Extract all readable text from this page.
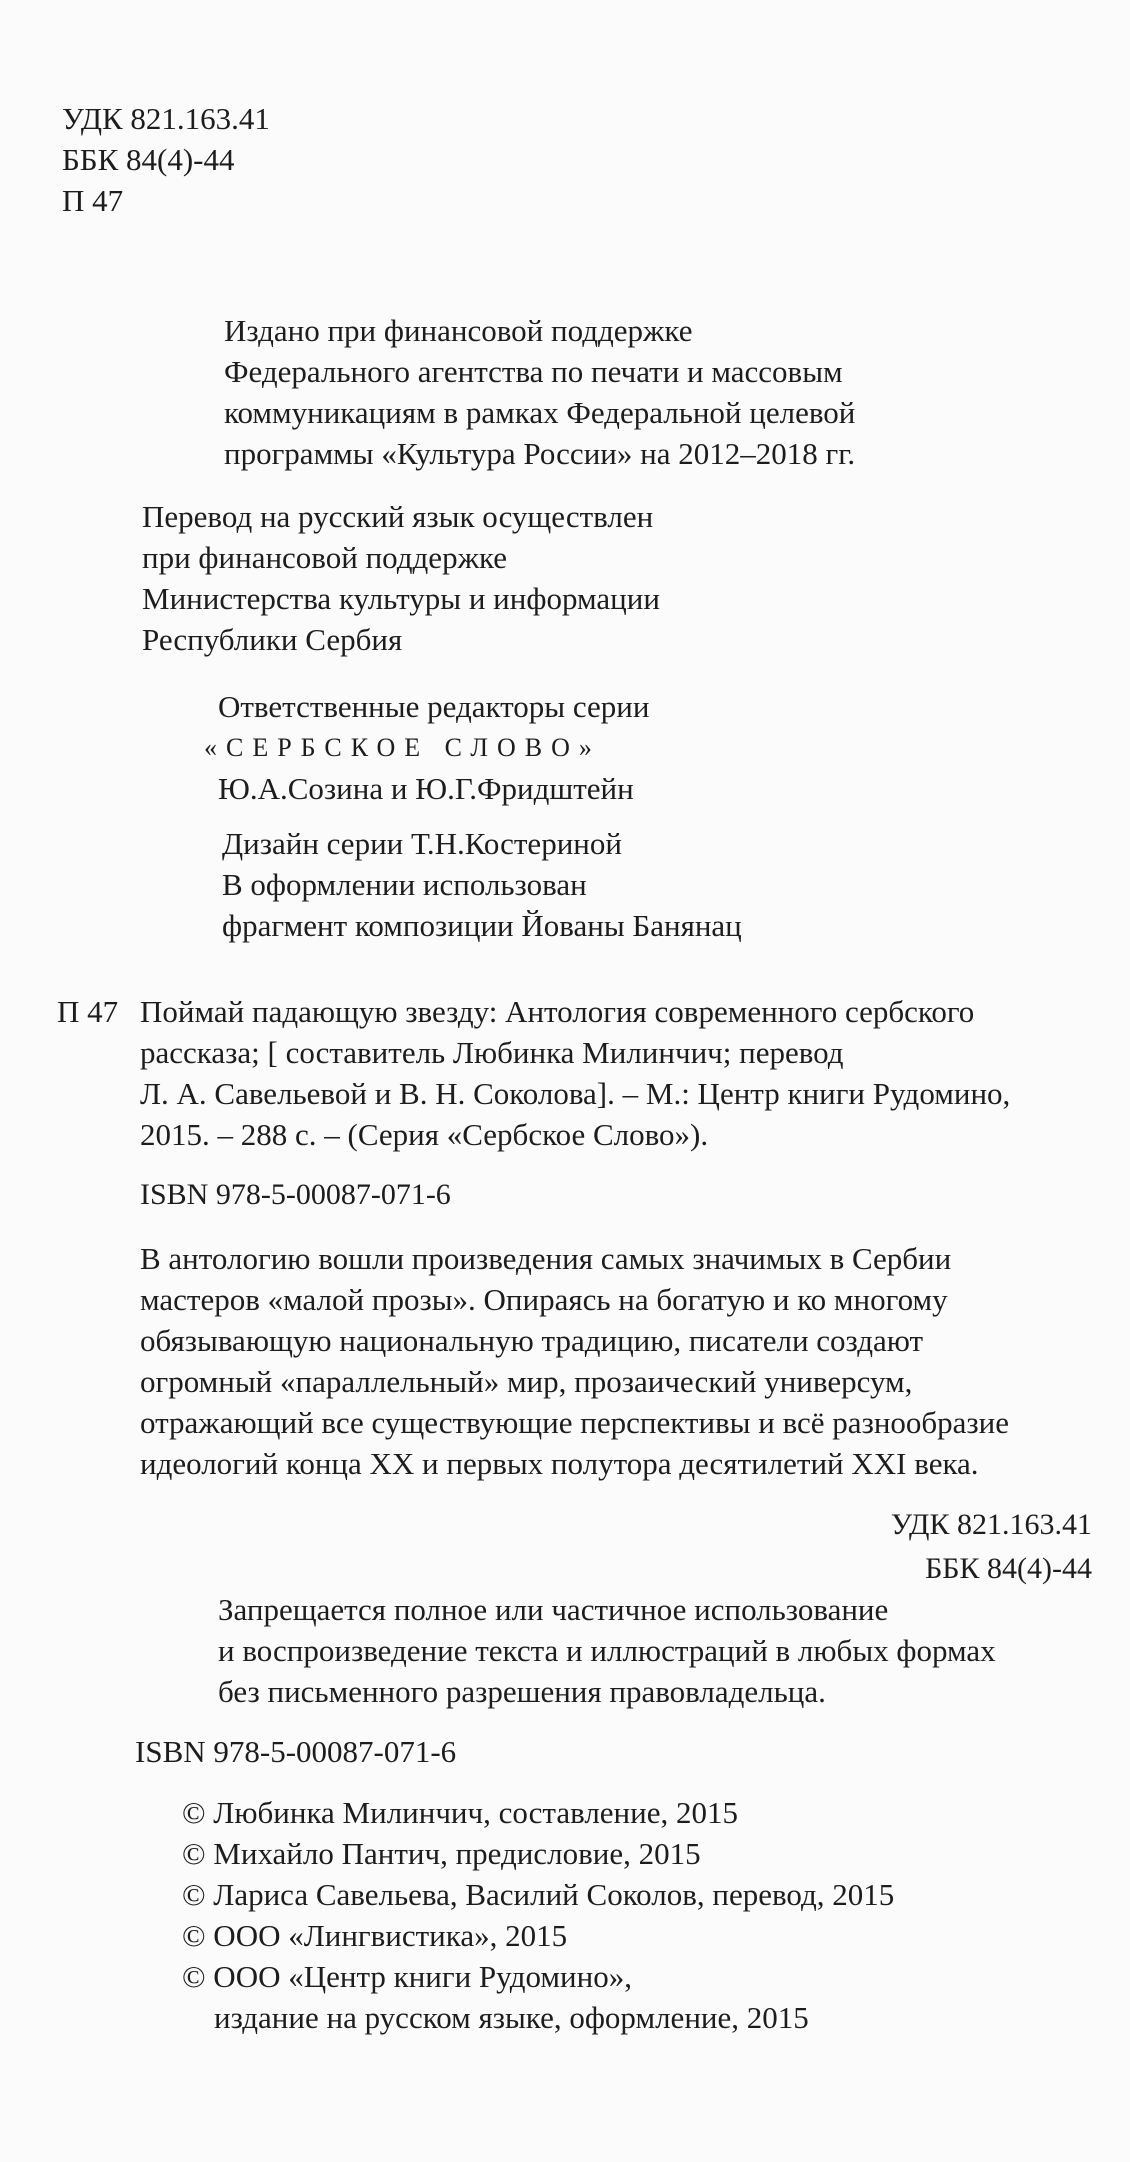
УДК 821.163.41
ББК 84(4)-44
П 47
Издано при финансовой поддержке
Федерального агентства по печати и массовым
коммуникациям в рамках Федеральной целевой
программы «Культура России» на 2012–2018 гг.
Перевод на русский язык осуществлен
при финансовой поддержке
Министерства культуры и информации
Республики Сербия
Ответственные редакторы серии
«СЕРБСКОЕ СЛОВО»
Ю.А.Созина и Ю.Г.Фридштейн
Дизайн серии Т.Н.Костериной
В оформлении использован
фрагмент композиции Йованы Банянац
П 47 Поймай падающую звезду: Антология современного сербского
рассказа; [ составитель Любинка Милинчич; перевод
Л. А. Савельевой и В. Н. Соколова]. – М.: Центр книги Рудомино,
2015. – 288 с. – (Серия «Сербское Слово»).
ISBN 978-5-00087-071-6
В антологию вошли произведения самых значимых в Сербии
мастеров «малой прозы». Опираясь на богатую и ко многому
обязывающую национальную традицию, писатели создают
огромный «параллельный» мир, прозаический универсум,
отражающий все существующие перспективы и всё разнообразие
идеологий конца XX и первых полутора десятилетий XXI века.
УДК 821.163.41
ББК 84(4)-44
Запрещается полное или частичное использование
и воспроизведение текста и иллюстраций в любых формах
без письменного разрешения правовладельца.
ISBN 978-5-00087-071-6
© Любинка Милинчич, составление, 2015
© Михайло Пантич, предисловие, 2015
© Лариса Савельева, Василий Соколов, перевод, 2015
© ООО «Лингвистика», 2015
© ООО «Центр книги Рудомино»,
издание на русском языке, оформление, 2015
